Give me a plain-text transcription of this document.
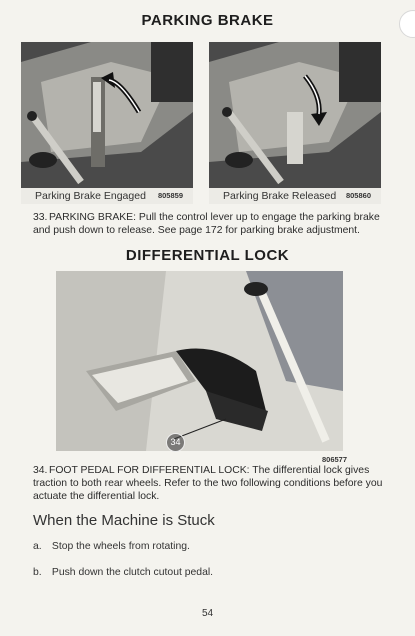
PARKING BRAKE
Parking Brake Engaged 805859	Parking Brake Released 805860
33. PARKING BRAKE: Pull the control lever up to engage the parking brake and push down to release. See page 172 for parking brake adjustment.
DIFFERENTIAL LOCK
34
806577
34. FOOT PEDAL FOR DIFFERENTIAL LOCK: The differential lock gives traction to both rear wheels. Refer to the two following conditions before you actuate the differential lock.
When the Machine is Stuck
a. Stop the wheels from rotating.
b. Push down the clutch cutout pedal.
54
